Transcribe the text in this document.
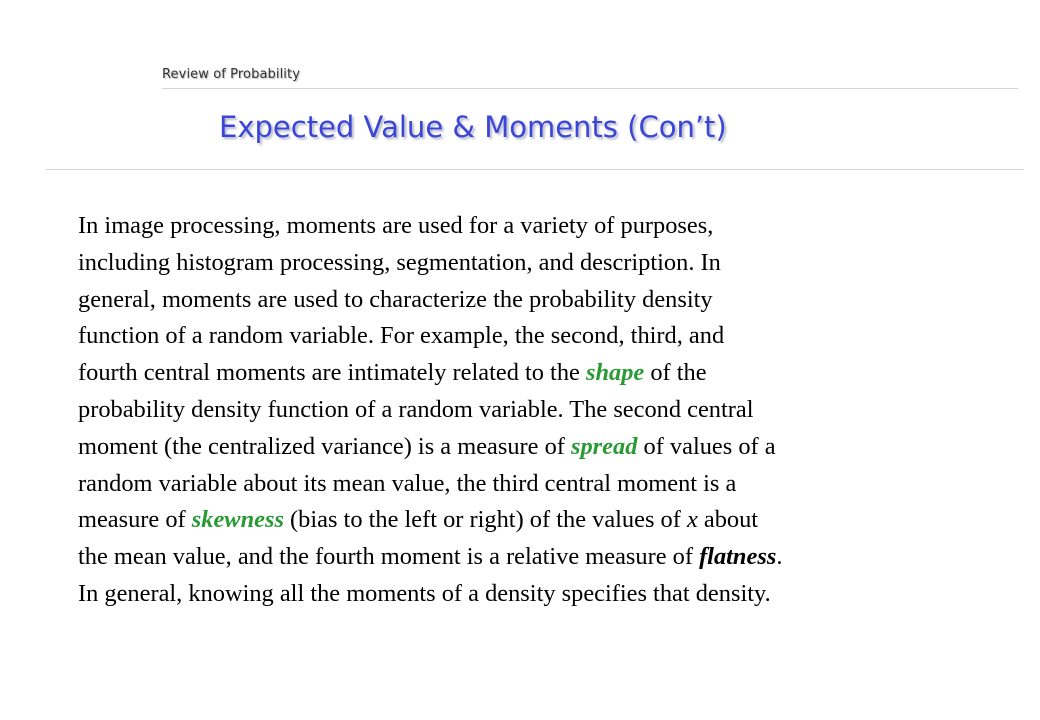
Review of Probability
Expected Value & Moments (Con’t)

In image processing, moments are used for a variety of purposes,
including histogram processing, segmentation, and description. In
general, moments are used to characterize the probability density
function of a random variable. For example, the second, third, and
fourth central moments are intimately related to the shape of the
probability density function of a random variable. The second central
moment (the centralized variance) is a measure of spread of values of a
random variable about its mean value, the third central moment is a
measure of skewness (bias to the left or right) of the values of x about
the mean value, and the fourth moment is a relative measure of flatness.
In general, knowing all the moments of a density specifies that density.
